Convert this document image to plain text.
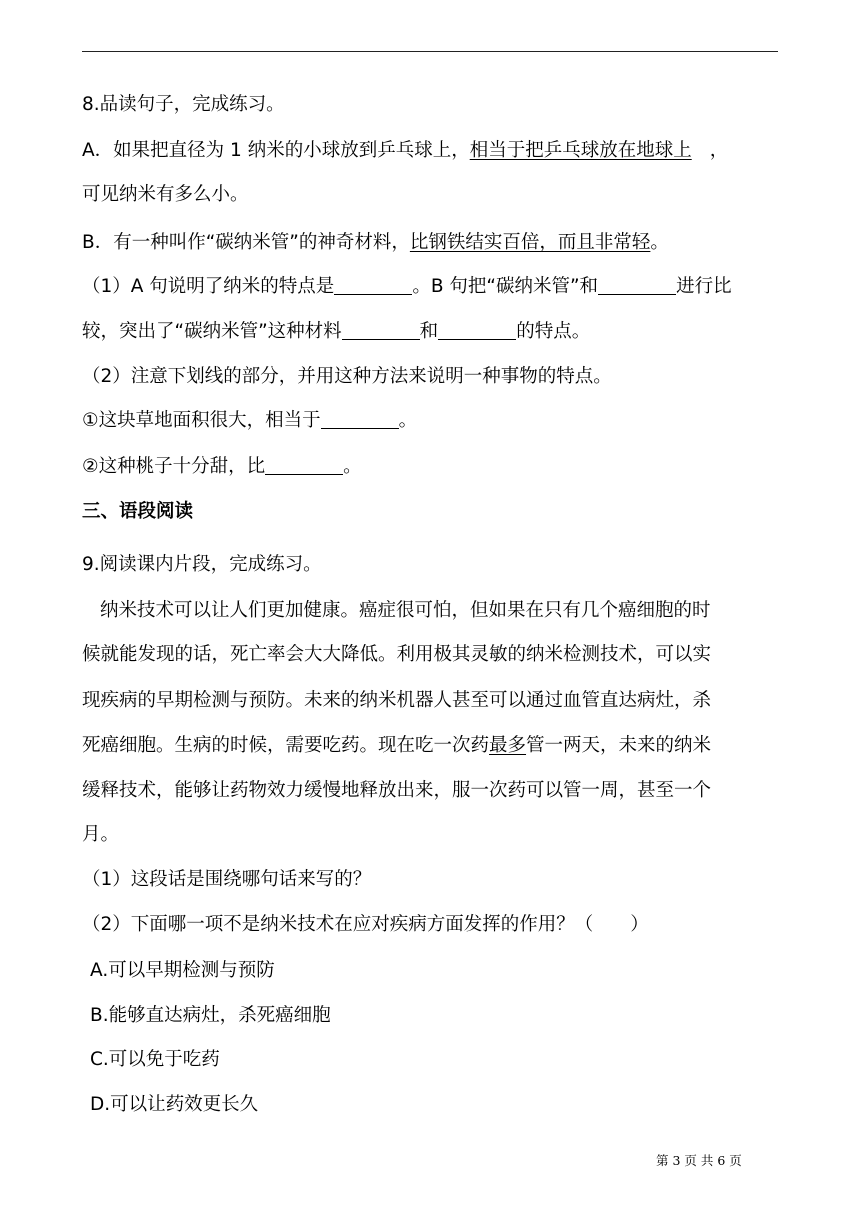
8.品读句子，完成练习。
A．如果把直径为 1 纳米的小球放到乒乓球上，相当于把乒乓球放在地球上 ，
可见纳米有多么小。
B．有一种叫作“碳纳米管”的神奇材料，比钢铁结实百倍，而且非常轻。
（1）A 句说明了纳米的特点是	。B 句把“碳纳米管”和	进行比
较，突出了“碳纳米管”这种材料	和	的特点。
（2）注意下划线的部分，并用这种方法来说明一种事物的特点。
①这块草地面积很大，相当于	。
②这种桃子十分甜，比	。
三、语段阅读
9.阅读课内片段，完成练习。
纳米技术可以让人们更加健康。癌症很可怕，但如果在只有几个癌细胞的时
候就能发现的话，死亡率会大大降低。利用极其灵敏的纳米检测技术，可以实
现疾病的早期检测与预防。未来的纳米机器人甚至可以通过血管直达病灶，杀
死癌细胞。生病的时候，需要吃药。现在吃一次药最多管一两天，未来的纳米
缓释技术，能够让药物效力缓慢地释放出来，服一次药可以管一周，甚至一个
月。
（1）这段话是围绕哪句话来写的？
（2）下面哪一项不是纳米技术在应对疾病方面发挥的作用？（　　）
A.可以早期检测与预防
B.能够直达病灶，杀死癌细胞
C.可以免于吃药
D.可以让药效更长久
第 3 页 共 6 页
